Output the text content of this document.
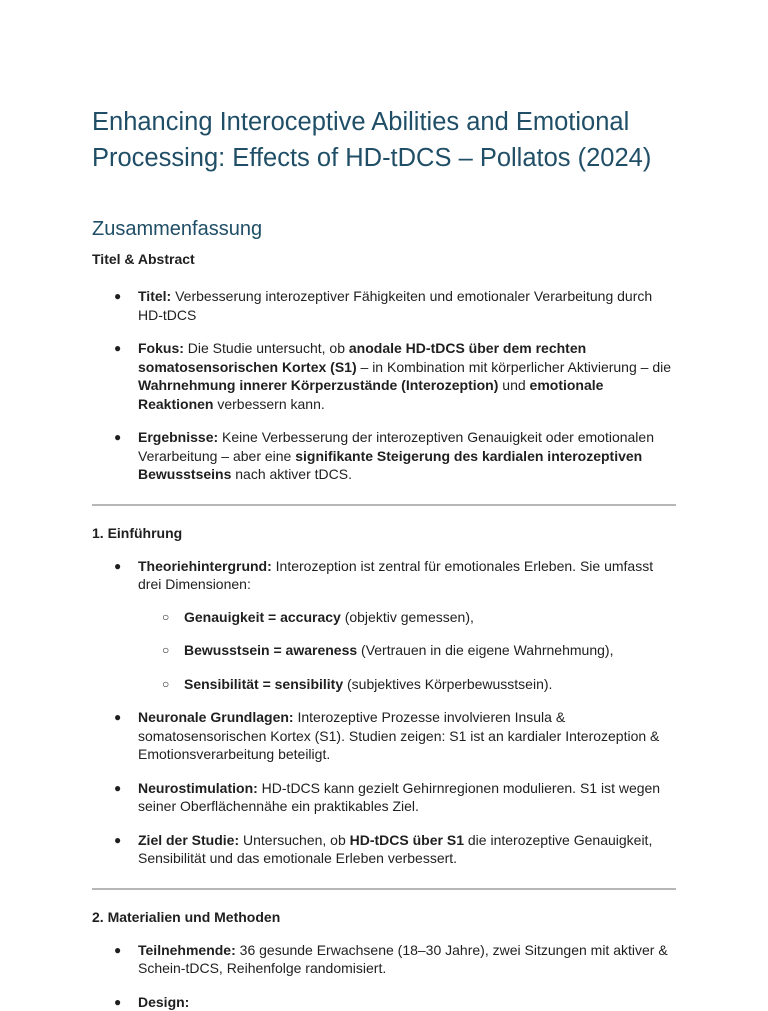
Enhancing Interoceptive Abilities and Emotional Processing: Effects of HD-tDCS – Pollatos (2024)
Zusammenfassung
Titel & Abstract
● Titel: Verbesserung interozeptiver Fähigkeiten und emotionaler Verarbeitung durch HD-tDCS
● Fokus: Die Studie untersucht, ob anodale HD-tDCS über dem rechten somatosensorischen Kortex (S1) – in Kombination mit körperlicher Aktivierung – die Wahrnehmung innerer Körperzustände (Interozeption) und emotionale Reaktionen verbessern kann.
● Ergebnisse: Keine Verbesserung der interozeptiven Genauigkeit oder emotionalen Verarbeitung – aber eine signifikante Steigerung des kardialen interozeptiven Bewusstseins nach aktiver tDCS.
1. Einführung
● Theoriehintergrund: Interozeption ist zentral für emotionales Erleben. Sie umfasst drei Dimensionen:
○ Genauigkeit = accuracy (objektiv gemessen),
○ Bewusstsein = awareness (Vertrauen in die eigene Wahrnehmung),
○ Sensibilität = sensibility (subjektives Körperbewusstsein).
● Neuronale Grundlagen: Interozeptive Prozesse involvieren Insula & somatosensorischen Kortex (S1). Studien zeigen: S1 ist an kardialer Interozeption & Emotionsverarbeitung beteiligt.
● Neurostimulation: HD-tDCS kann gezielt Gehirnregionen modulieren. S1 ist wegen seiner Oberflächennähe ein praktikables Ziel.
● Ziel der Studie: Untersuchen, ob HD-tDCS über S1 die interozeptive Genauigkeit, Sensibilität und das emotionale Erleben verbessert.
2. Materialien und Methoden
● Teilnehmende: 36 gesunde Erwachsene (18–30 Jahre), zwei Sitzungen mit aktiver & Schein-tDCS, Reihenfolge randomisiert.
● Design:
